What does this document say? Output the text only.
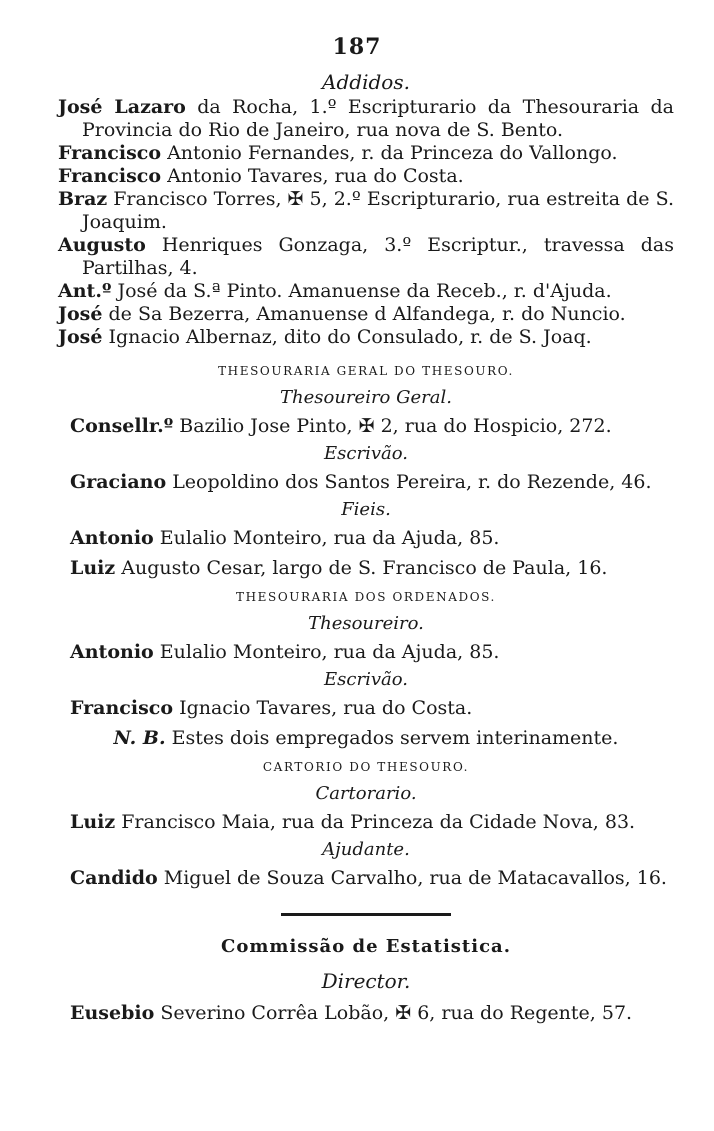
187

Addidos.

José Lazaro da Rocha, 1.º Escripturario da Thesouraria da Provincia do Rio de Janeiro, rua nova de S. Bento.

Francisco Antonio Fernandes, r. da Princeza do Vallongo.

Francisco Antonio Tavares, rua do Costa.

Braz Francisco Torres, ✠ 5, 2.º Escripturario, rua estreita de S. Joaquim.

Augusto Henriques Gonzaga, 3.º Escriptur., travessa das Partilhas, 4.

Ant.º José da S.ª Pinto. Amanuense da Receb., r. d'Ajuda.

José de Sa Bezerra, Amanuense d Alfandega, r. do Nuncio.

José Ignacio Albernaz, dito do Consulado, r. de S. Joaq.

THESOURARIA GERAL DO THESOURO.

Thesoureiro Geral.

Consellr.º Bazilio Jose Pinto, ✠ 2, rua do Hospicio, 272.

Escrivão.

Graciano Leopoldino dos Santos Pereira, r. do Rezende, 46.

Fieis.

Antonio Eulalio Monteiro, rua da Ajuda, 85.

Luiz Augusto Cesar, largo de S. Francisco de Paula, 16.

THESOURARIA DOS ORDENADOS.

Thesoureiro.

Antonio Eulalio Monteiro, rua da Ajuda, 85.

Escrivão.

Francisco Ignacio Tavares, rua do Costa.

N. B. Estes dois empregados servem interinamente.

CARTORIO DO THESOURO.

Cartorario.

Luiz Francisco Maia, rua da Princeza da Cidade Nova, 83.

Ajudante.

Candido Miguel de Souza Carvalho, rua de Matacavallos, 16.

Commissão de Estatistica.

Director.

Eusebio Severino Corrêa Lobão, ✠ 6, rua do Regente, 57.
